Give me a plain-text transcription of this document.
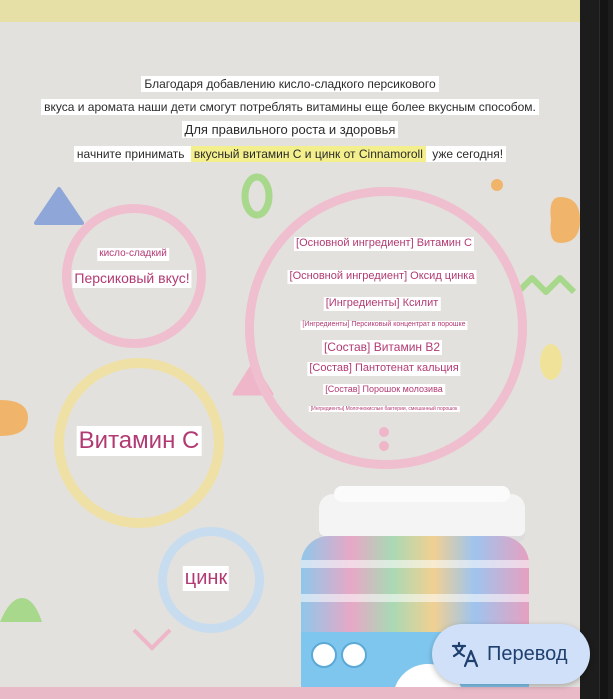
Благодаря добавлению кисло-сладкого персикового
вкуса и аромата наши дети смогут потреблять витамины еще более вкусным способом.
Для правильного роста и здоровья
начните принимать вкусный витамин C и цинк от Cinnamoroll уже сегодня!
кисло-сладкий
Персиковый вкус!
[Основной ингредиент] Витамин С
[Основной ингредиент] Оксид цинка
[Ингредиенты] Ксилит
[Ингредиенты] Персиковый концентрат в порошке
[Состав] Витамин B2
[Состав] Пантотенат кальция
[Состав] Порошок молозива
[Ингредиенты] Молочнокислые бактерии, смешанный порошок
Витамин С
цинк
Перевод
